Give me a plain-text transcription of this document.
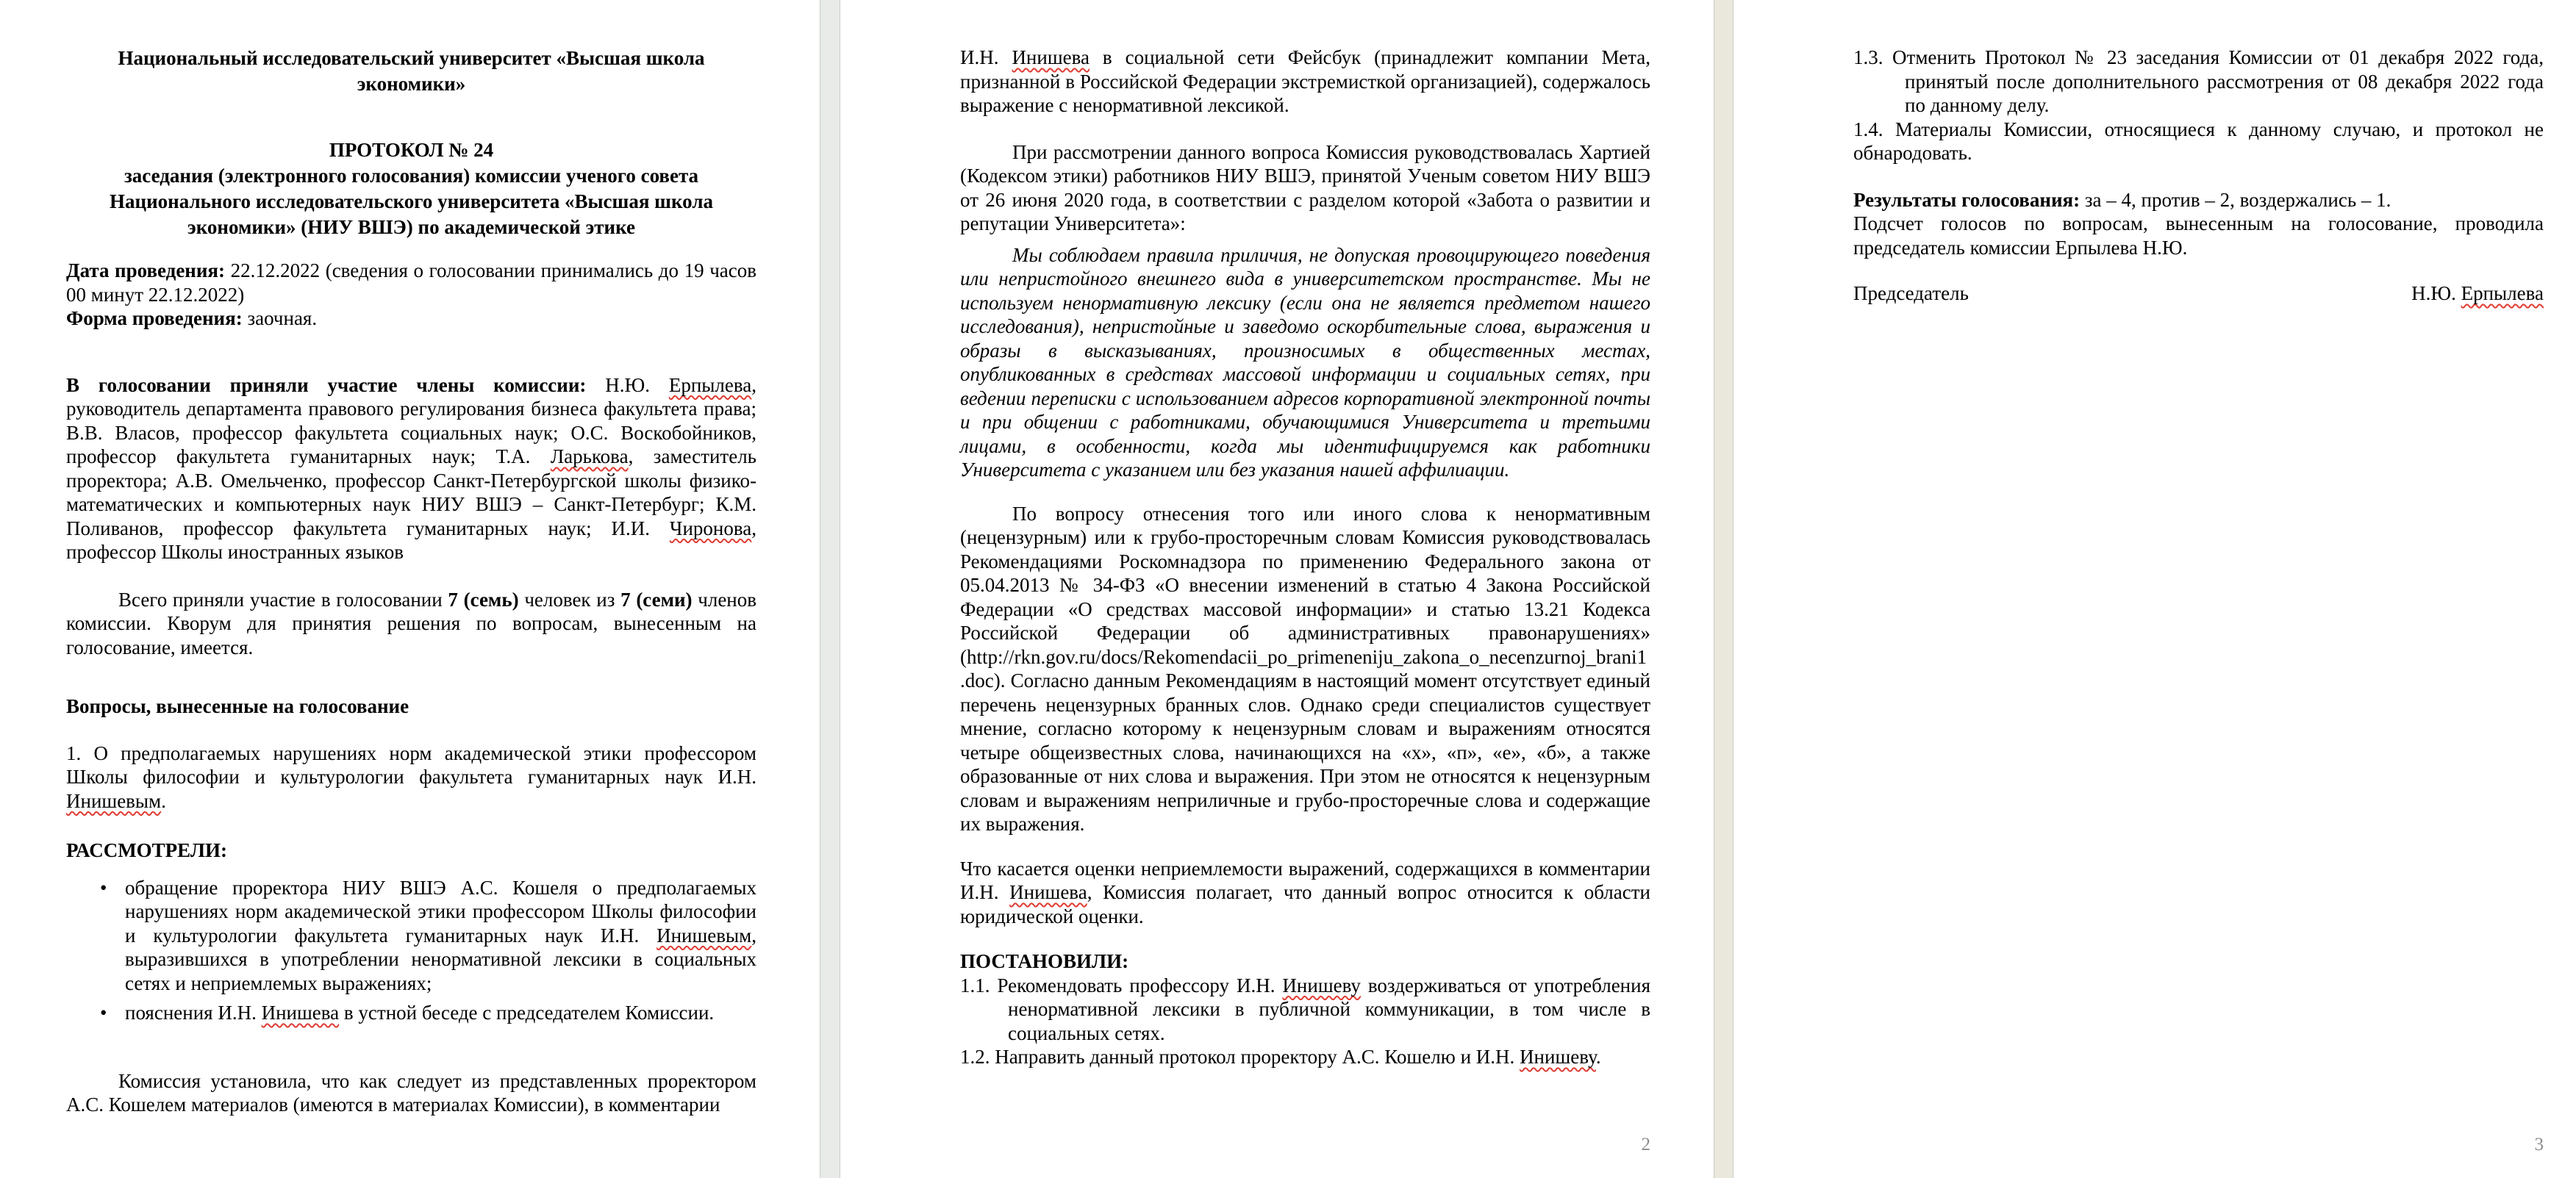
Национальный исследовательский университет «Высшая школа экономики»

ПРОТОКОЛ № 24
заседания (электронного голосования) комиссии ученого совета Национального исследовательского университета «Высшая школа экономики» (НИУ ВШЭ) по академической этике

Дата проведения: 22.12.2022 (сведения о голосовании принимались до 19 часов 00 минут 22.12.2022)

Форма проведения: заочная.

В голосовании приняли участие члены комиссии: Н.Ю. Ерпылева, руководитель департамента правового регулирования бизнеса факультета права; В.В. Власов, профессор факультета социальных наук; О.С. Воскобойников, профессор факультета гуманитарных наук; Т.А. Ларькова, заместитель проректора; А.В. Омельченко, профессор Санкт-Петербургской школы физико-математических и компьютерных наук НИУ ВШЭ – Санкт-Петербург; К.М. Поливанов, профессор факультета гуманитарных наук; И.И. Чиронова, профессор Школы иностранных языков

Всего приняли участие в голосовании 7 (семь) человек из 7 (семи) членов комиссии. Кворум для принятия решения по вопросам, вынесенным на голосование, имеется.

Вопросы, вынесенные на голосование

1. О предполагаемых нарушениях норм академической этики профессором Школы философии и культурологии факультета гуманитарных наук И.Н. Инишевым.

РАССМОТРЕЛИ:

• обращение проректора НИУ ВШЭ А.С. Кошеля о предполагаемых нарушениях норм академической этики профессором Школы философии и культурологии факультета гуманитарных наук И.Н. Инишевым, выразившихся в употреблении ненормативной лексики в социальных сетях и неприемлемых выражениях;

• пояснения И.Н. Инишева в устной беседе с председателем Комиссии.

Комиссия установила, что как следует из представленных проректором А.С. Кошелем материалов (имеются в материалах Комиссии), в комментарии

И.Н. Инишева в социальной сети Фейсбук (принадлежит компании Мета, признанной в Российской Федерации экстремисткой организацией), содержалось выражение с ненормативной лексикой.

При рассмотрении данного вопроса Комиссия руководствовалась Хартией (Кодексом этики) работников НИУ ВШЭ, принятой Ученым советом НИУ ВШЭ от 26 июня 2020 года, в соответствии с разделом которой «Забота о развитии и репутации Университета»:

Мы соблюдаем правила приличия, не допуская провоцирующего поведения или непристойного внешнего вида в университетском пространстве. Мы не используем ненормативную лексику (если она не является предметом нашего исследования), непристойные и заведомо оскорбительные слова, выражения и образы в высказываниях, произносимых в общественных местах, опубликованных в средствах массовой информации и социальных сетях, при ведении переписки с использованием адресов корпоративной электронной почты и при общении с работниками, обучающимися Университета и третьими лицами, в особенности, когда мы идентифицируемся как работники Университета с указанием или без указания нашей аффилиации.

По вопросу отнесения того или иного слова к ненормативным (нецензурным) или к грубо-просторечным словам Комиссия руководствовалась Рекомендациями Роскомнадзора по применению Федерального закона от 05.04.2013 № 34-ФЗ «О внесении изменений в статью 4 Закона Российской Федерации «О средствах массовой информации» и статью 13.21 Кодекса Российской Федерации об административных правонарушениях» (http://rkn.gov.ru/docs/Rekomendacii_po_primeneniju_zakona_o_necenzurnoj_brani1.doc). Согласно данным Рекомендациям в настоящий момент отсутствует единый перечень нецензурных бранных слов. Однако среди специалистов существует мнение, согласно которому к нецензурным словам и выражениям относятся четыре общеизвестных слова, начинающихся на «х», «п», «е», «б», а также образованные от них слова и выражения. При этом не относятся к нецензурным словам и выражениям неприличные и грубо-просторечные слова и содержащие их выражения.

Что касается оценки неприемлемости выражений, содержащихся в комментарии И.Н. Инишева, Комиссия полагает, что данный вопрос относится к области юридической оценки.

ПОСТАНОВИЛИ:

1.1. Рекомендовать профессору И.Н. Инишеву воздерживаться от употребления ненормативной лексики в публичной коммуникации, в том числе в социальных сетях.

1.2. Направить данный протокол проректору А.С. Кошелю и И.Н. Инишеву.

2

1.3. Отменить Протокол № 23 заседания Комиссии от 01 декабря 2022 года, принятый после дополнительного рассмотрения от 08 декабря 2022 года по данному делу.

1.4. Материалы Комиссии, относящиеся к данному случаю, и протокол не обнародовать.

Результаты голосования: за – 4, против – 2, воздержались – 1.

Подсчет голосов по вопросам, вынесенным на голосование, проводила председатель комиссии Ерпылева Н.Ю.

Председатель	Н.Ю. Ерпылева
3
